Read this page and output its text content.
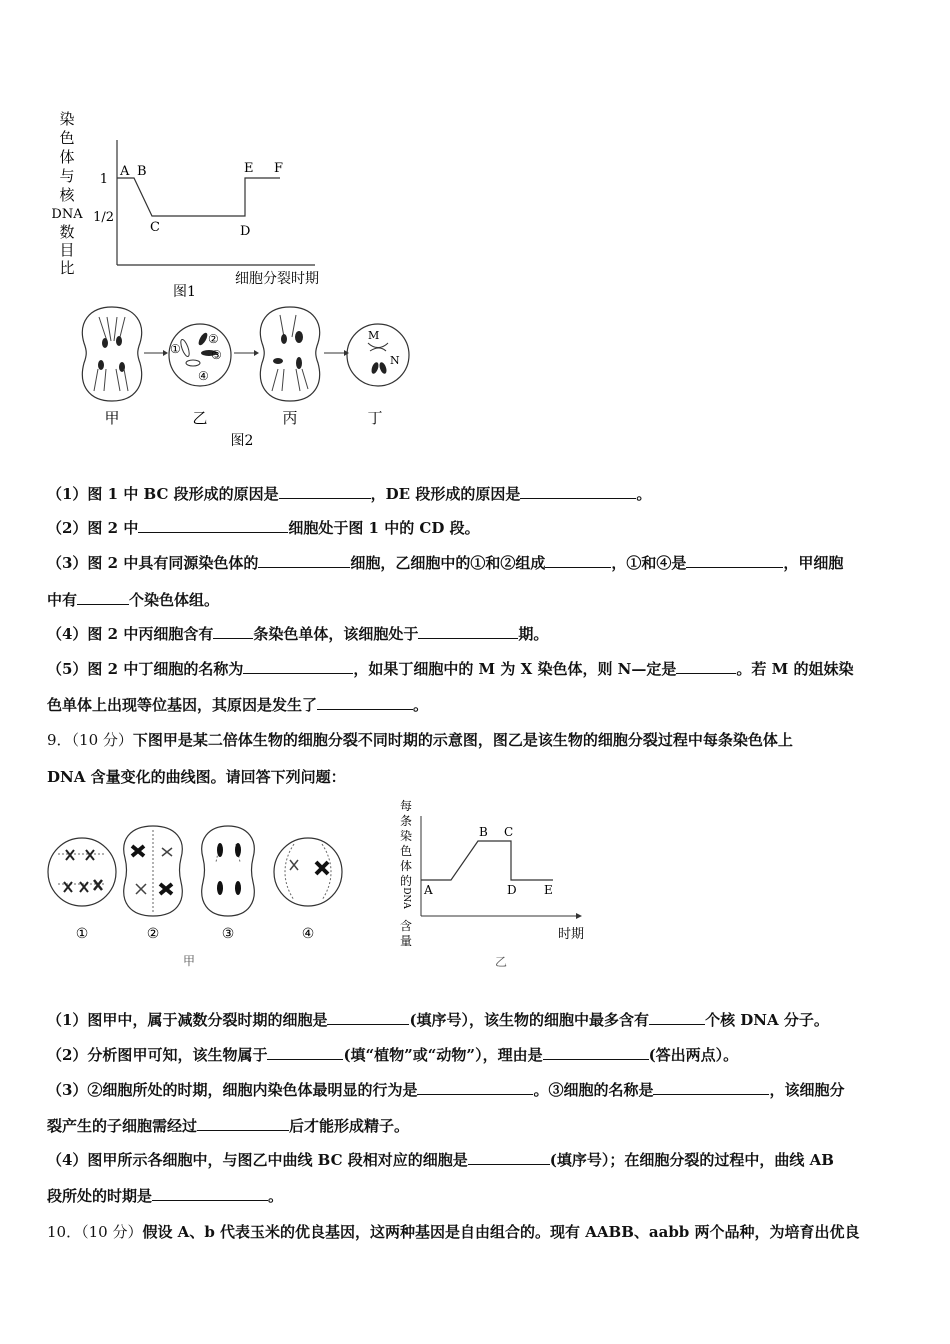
染
色
体
与
核
DNA
数
目
比
1
1/2
A B
C	D
E F
细胞分裂时期
图1
①
②
③
④
M
N
甲	乙	丙	丁
图2
（1）图 1 中 BC 段形成的原因是	，DE 段形成的原因是	。
（2）图 2 中	细胞处于图 1 中的 CD 段。
（3）图 2 中具有同源染色体的	细胞，乙细胞中的①和②组成	，①和④是	，甲细胞
中有	个染色体组。
（4）图 2 中丙细胞含有	条染色单体，该细胞处于	期。
（5）图 2 中丁细胞的名称为	，如果丁细胞中的 M 为 X 染色体，则 N—定是	。若 M 的姐妹染
色单体上出现等位基因，其原因是发生了	。
9．（10 分）下图甲是某二倍体生物的细胞分裂不同时期的示意图，图乙是该生物的细胞分裂过程中每条染色体上
DNA 含量变化的曲线图。请回答下列问题：
①	②	③	④
甲
每
条
染
色
体
的
DNA
含
量
A
B C
D E
时期
乙
（1）图甲中，属于减数分裂时期的细胞是	(填序号），该生物的细胞中最多含有	个核 DNA 分子。
（2）分析图甲可知，该生物属于	(填“植物”或“动物”），理由是	(答出两点）。
（3）②细胞所处的时期，细胞内染色体最明显的行为是	。③细胞的名称是	，该细胞分
裂产生的子细胞需经过	后才能形成精子。
（4）图甲所示各细胞中，与图乙中曲线 BC 段相对应的细胞是	(填序号）；在细胞分裂的过程中，曲线 AB
段所处的时期是	。
10．（10 分）假设 A、b 代表玉米的优良基因，这两种基因是自由组合的。现有 AABB、aabb 两个品种，为培育出优良
